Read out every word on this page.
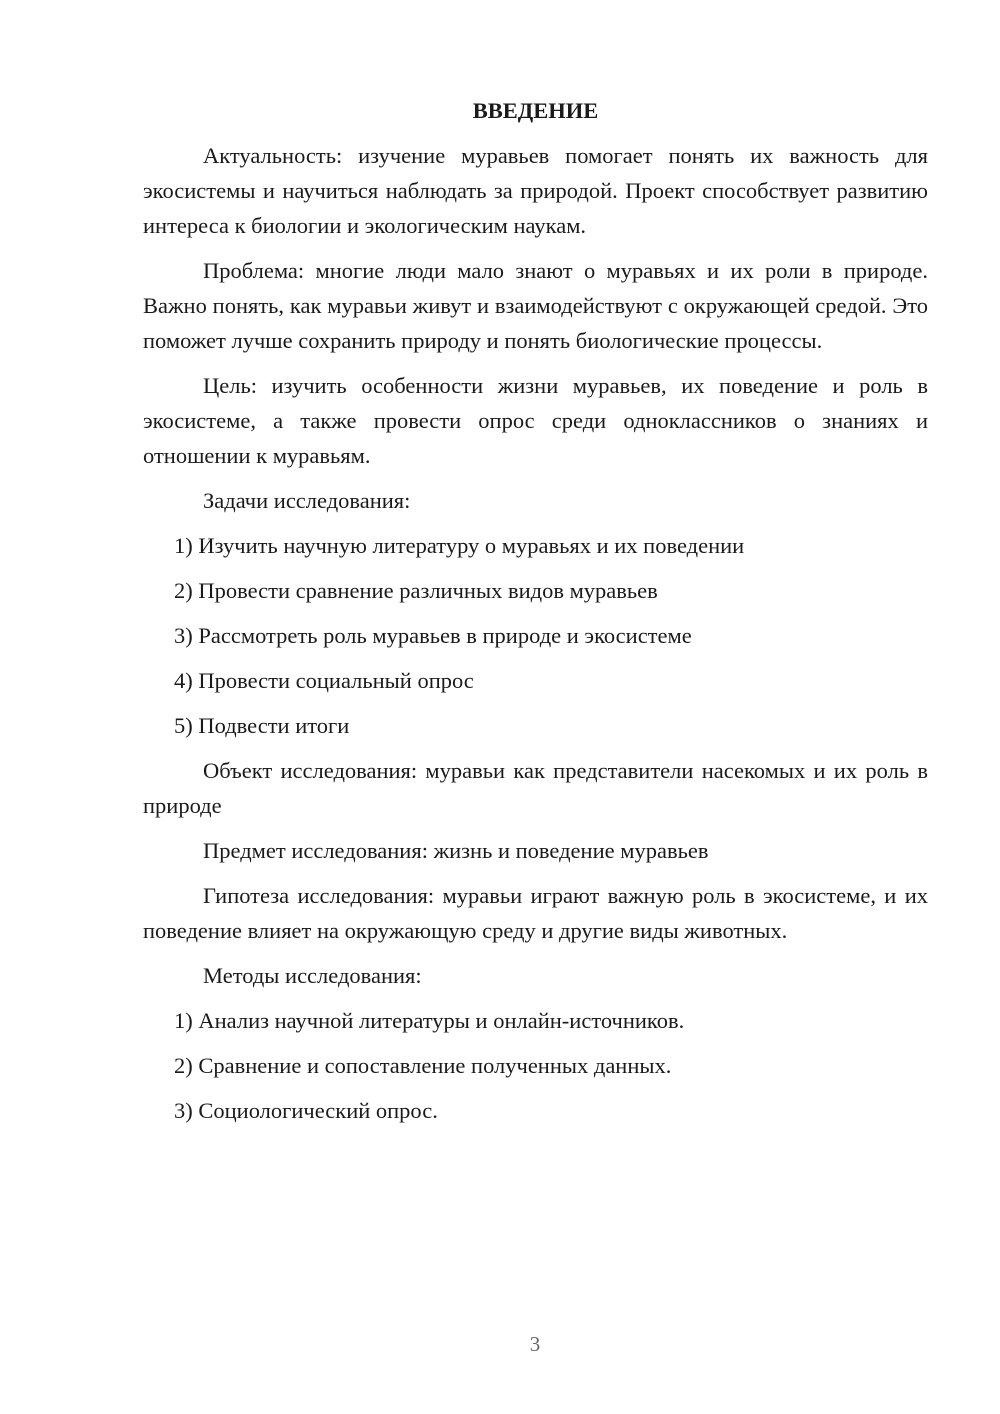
ВВЕДЕНИЕ

Актуальность: изучение муравьев помогает понять их важность для экосистемы и научиться наблюдать за природой. Проект способствует развитию интереса к биологии и экологическим наукам.

Проблема: многие люди мало знают о муравьях и их роли в природе. Важно понять, как муравьи живут и взаимодействуют с окружающей средой. Это поможет лучше сохранить природу и понять биологические процессы.

Цель: изучить особенности жизни муравьев, их поведение и роль в экосистеме, а также провести опрос среди одноклассников о знаниях и отношении к муравьям.

Задачи исследования:

1) Изучить научную литературу о муравьях и их поведении
2) Провести сравнение различных видов муравьев
3) Рассмотреть роль муравьев в природе и экосистеме
4) Провести социальный опрос
5) Подвести итоги

Объект исследования: муравьи как представители насекомых и их роль в природе

Предмет исследования: жизнь и поведение муравьев

Гипотеза исследования: муравьи играют важную роль в экосистеме, и их поведение влияет на окружающую среду и другие виды животных.

Методы исследования:

1) Анализ научной литературы и онлайн-источников.
2) Сравнение и сопоставление полученных данных.
3) Социологический опрос.
3
